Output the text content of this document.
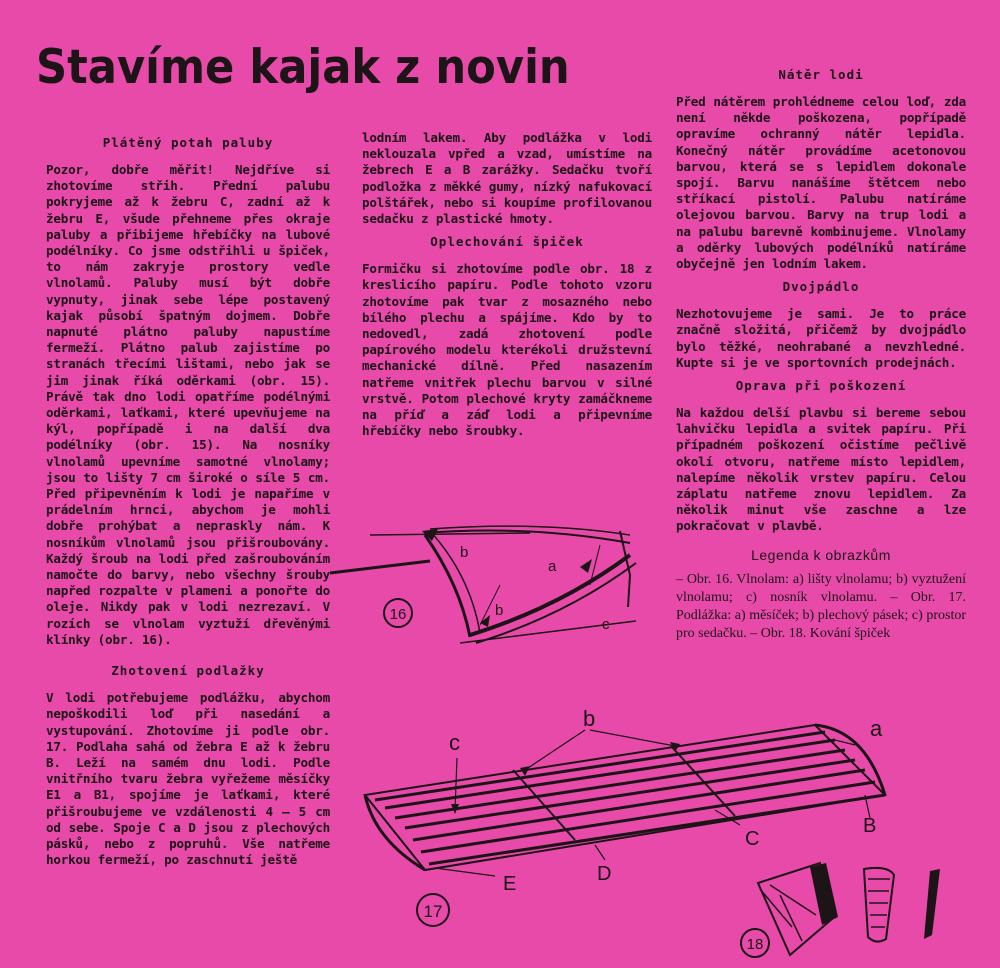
Stavíme kajak z novin
Plátěný potah paluby
Pozor, dobře měřit! Nejdříve si zhotovíme střih. Přední palubu pokryjeme až k žebru C, zadní až k žebru E, všude přehneme přes okraje paluby a přibijeme hřebíčky na lubové podélníky. Co jsme odstřihli u špiček, to nám zakryje prostory vedle vlnolamů. Paluby musí být dobře vypnuty, jinak sebe lépe postavený kajak působí špatným dojmem. Dobře napnuté plátno paluby napustíme fermeží. Plátno palub zajistíme po stranách třecími lištami, nebo jak se jim jinak říká oděrkami (obr. 15). Právě tak dno lodi opatříme podélnými oděrkami, laťkami, které upevňujeme na kýl, popřípadě i na další dva podélníky (obr. 15). Na nosníky vlnolamů upevníme samotné vlnolamy; jsou to lišty 7 cm široké o síle 5 cm. Před připevněním k lodi je napaříme v prádelním hrnci, abychom je mohli dobře prohýbat a nepraskly nám. K nosníkům vlnolamů jsou přišroubovány. Každý šroub na lodi před zašroubováním namočte do barvy, nebo všechny šrouby napřed rozpalte v plameni a ponořte do oleje. Nikdy pak v lodi nezrezaví. V rozích se vlnolam vyztuží dřevěnými klínky (obr. 16).
Zhotovení podlažky
V lodi potřebujeme podlážku, abychom nepoškodili loď při nasedání a vystupování. Zhotovíme ji podle obr. 17. Podlaha sahá od žebra E až k žebru B. Leží na samém dnu lodi. Podle vnitřního tvaru žebra vyřežeme měsíčky E1 a B1, spojíme je laťkami, které přišroubujeme ve vzdálenosti 4 – 5 cm od sebe. Spoje C a D jsou z plechových pásků, nebo z popruhů. Vše natřeme horkou fermeží, po zaschnutí ještě
lodním lakem. Aby podlážka v lodi neklouzala vpřed a vzad, umístíme na žebrech E a B zarážky. Sedačku tvoří podložka z měkké gumy, nízký nafukovací polštářek, nebo si koupíme profilovanou sedačku z plastické hmoty.
Oplechování špiček
Formičku si zhotovíme podle obr. 18 z kreslicího papíru. Podle tohoto vzoru zhotovíme pak tvar z mosazného nebo bílého plechu a spájíme. Kdo by to nedovedl, zadá zhotovení podle papírového modelu kterékoli družstevní mechanické dílně. Před nasazením natřeme vnitřek plechu barvou v silné vrstvě. Potom plechové kryty zamáčkneme na příď a záď lodi a připevníme hřebíčky nebo šroubky.
Nátěr lodi
Před nátěrem prohlédneme celou loď, zda není někde poškozena, popřípadě opravíme ochranný nátěr lepidla. Konečný nátěr provádíme acetonovou barvou, která se s lepidlem dokonale spojí. Barvu nanášíme štětcem nebo stříkací pistolí. Palubu natíráme olejovou barvou. Barvy na trup lodi a na palubu barevně kombinujeme. Vlnolamy a oděrky lubových podélníků natíráme obyčejně jen lodním lakem.
Dvojpádlo
Nezhotovujeme je sami. Je to práce značně složitá, přičemž by dvojpádlo bylo těžké, neohrabané a nevzhledné. Kupte si je ve sportovních prodejnách.
Oprava při poškození
Na každou delší plavbu si bereme sebou lahvičku lepidla a svitek papíru. Při případném poškození očistíme pečlivě okolí otvoru, natřeme místo lepidlem, nalepíme několik vrstev papíru. Celou záplatu natřeme znovu lepidlem. Za několik minut vše zaschne a lze pokračovat v plavbě.
Legenda k obrazkům
– Obr. 16. Vlnolam: a) lišty vlnolamu; b) vyztužení vlnolamu; c) nosník vlnolamu. – Obr. 17. Podlážka: a) měsíček; b) plechový pásek; c) prostor pro sedačku. – Obr. 18. Kování špiček
16
b
a
b
c
17
b	a
c
B
C
D
E
18
